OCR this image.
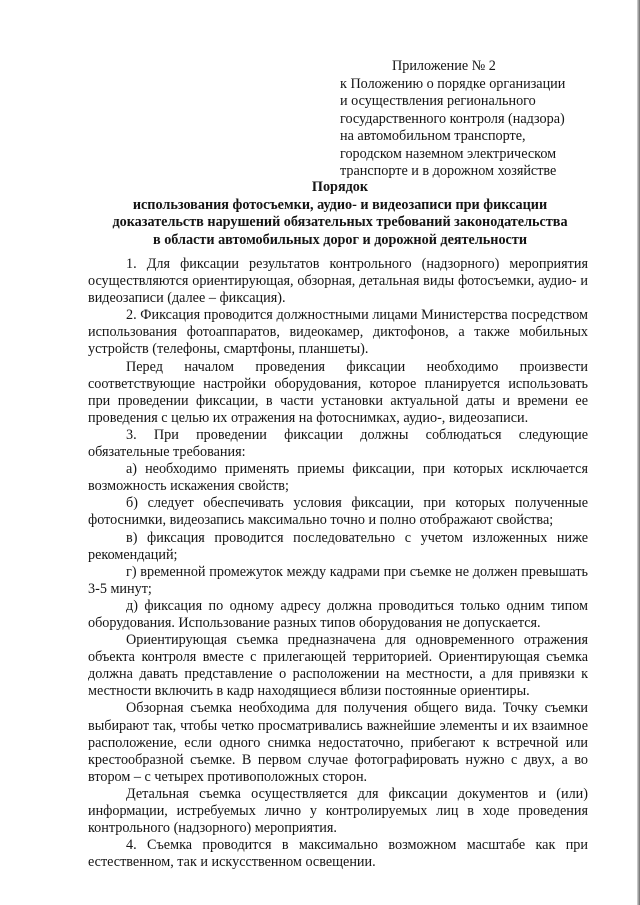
Приложение № 2
к Положению о порядке организации
и осуществления регионального
государственного контроля (надзора)
на автомобильном транспорте,
городском наземном электрическом
транспорте и в дорожном хозяйстве
Порядок
использования фотосъемки, аудио- и видеозаписи при фиксации
доказательств нарушений обязательных требований законодательства
в области автомобильных дорог и дорожной деятельности

1. Для фиксации результатов контрольного (надзорного) мероприятия осуществляются ориентирующая, обзорная, детальная виды фотосъемки, аудио- и видеозаписи (далее – фиксация).

2. Фиксация проводится должностными лицами Министерства посредством использования фотоаппаратов, видеокамер, диктофонов, а также мобильных устройств (телефоны, смартфоны, планшеты).

Перед началом проведения фиксации необходимо произвести соответствующие настройки оборудования, которое планируется использовать при проведении фиксации, в части установки актуальной даты и времени ее проведения с целью их отражения на фотоснимках, аудио-, видеозаписи.

3. При проведении фиксации должны соблюдаться следующие обязательные требования:

а) необходимо применять приемы фиксации, при которых исключается возможность искажения свойств;

б) следует обеспечивать условия фиксации, при которых полученные фотоснимки, видеозапись максимально точно и полно отображают свойства;

в) фиксация проводится последовательно с учетом изложенных ниже рекомендаций;

г) временной промежуток между кадрами при съемке не должен превышать 3-5 минут;

д) фиксация по одному адресу должна проводиться только одним типом оборудования. Использование разных типов оборудования не допускается.

Ориентирующая съемка предназначена для одновременного отражения объекта контроля вместе с прилегающей территорией. Ориентирующая съемка должна давать представление о расположении на местности, а для привязки к местности включить в кадр находящиеся вблизи постоянные ориентиры.

Обзорная съемка необходима для получения общего вида. Точку съемки выбирают так, чтобы четко просматривались важнейшие элементы и их взаимное расположение, если одного снимка недостаточно, прибегают к встречной или крестообразной съемке. В первом случае фотографировать нужно с двух, а во втором – с четырех противоположных сторон.

Детальная съемка осуществляется для фиксации документов и (или) информации, истребуемых лично у контролируемых лиц в ходе проведения контрольного (надзорного) мероприятия.

4. Съемка проводится в максимально возможном масштабе как при естественном, так и искусственном освещении.
